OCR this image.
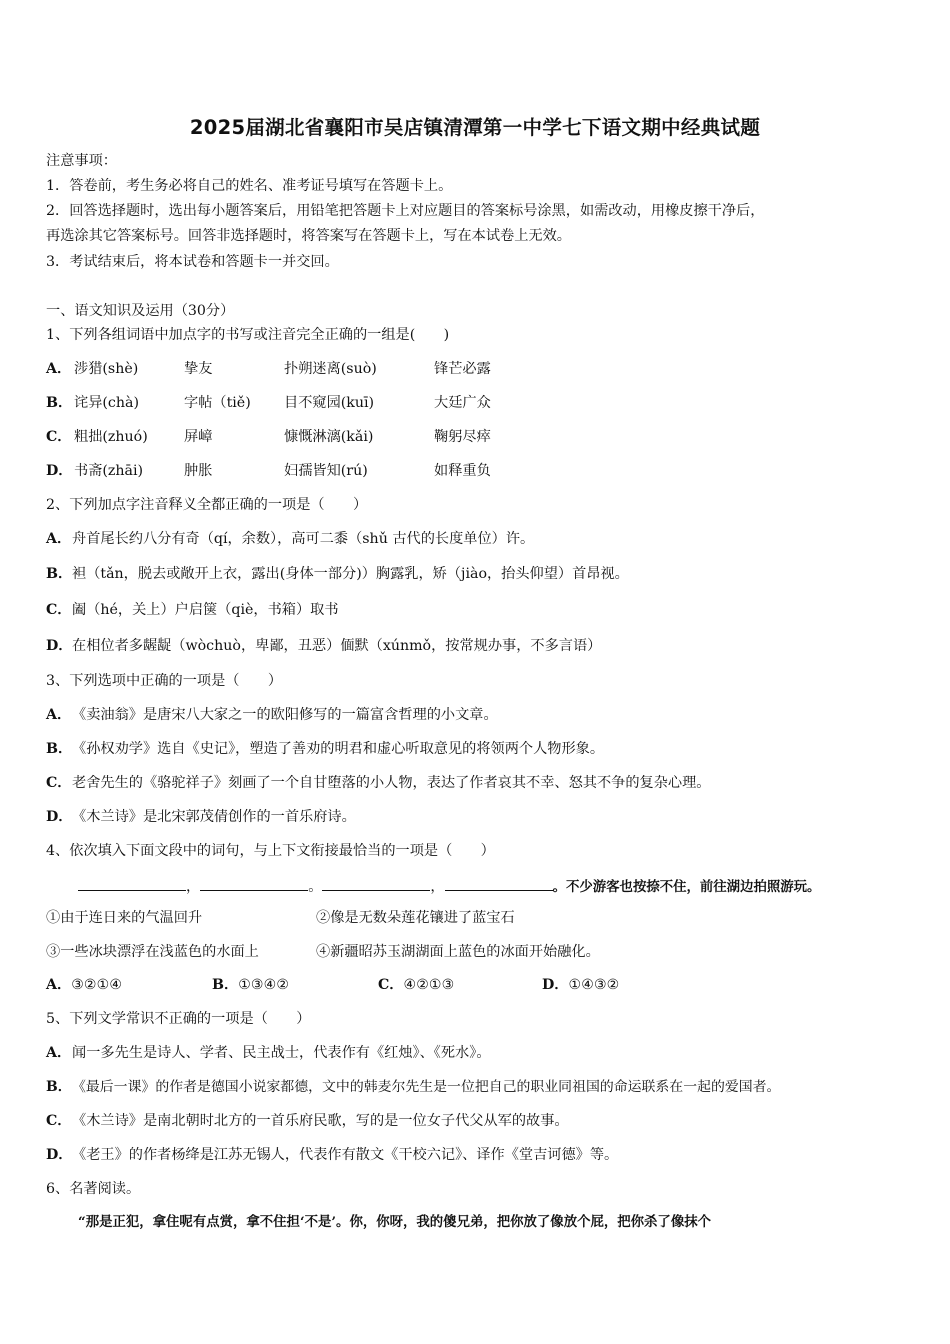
2025届湖北省襄阳市吴店镇清潭第一中学七下语文期中经典试题
注意事项：
1．答卷前，考生务必将自己的姓名、准考证号填写在答题卡上。
2．回答选择题时，选出每小题答案后，用铅笔把答题卡上对应题目的答案标号涂黑，如需改动，用橡皮擦干净后，
再选涂其它答案标号。回答非选择题时，将答案写在答题卡上，写在本试卷上无效。
3．考试结束后，将本试卷和答题卡一并交回。
一、语文知识及运用（30分）
1、下列各组词语中加点字的书写或注音完全正确的一组是(　　)
A． 涉猎(shè)	挚友	扑朔迷离(suò)	锋芒必露
B． 诧异(chà)	字帖（tiě) 目不窥园(kuī)	大廷广众
C． 粗拙(zhuó)	屏嶂	慷慨淋漓(kǎi)	鞠躬尽瘁
D． 书斋(zhāi)	肿胀	妇孺皆知(rú)	如释重负
2、下列加点字注音释义全都正确的一项是（　　）
A．舟首尾长约八分有奇（qí，余数），高可二黍（shǔ 古代的长度单位）许。
B．袒（tǎn，脱去或敞开上衣，露出(身体一部分)）胸露乳，矫（jiào，抬头仰望）首昂视。
C．阖（hé，关上）户启箧（qiè，书箱）取书
D．在相位者多龌龊（wòchuò，卑鄙，丑恶）偭默（xúnmǒ，按常规办事，不多言语）
3、下列选项中正确的一项是（　　）
A．《卖油翁》是唐宋八大家之一的欧阳修写的一篇富含哲理的小文章。
B．《孙权劝学》选自《史记》，塑造了善劝的明君和虚心听取意见的将领两个人物形象。
C．老舍先生的《骆驼祥子》刻画了一个自甘堕落的小人物，表达了作者哀其不幸、怒其不争的复杂心理。
D．《木兰诗》是北宋郭茂倩创作的一首乐府诗。
4、依次填入下面文段中的词句，与上下文衔接最恰当的一项是（　　）
，	。	，	。不少游客也按捺不住，前往湖边拍照游玩。
①由于连日来的气温回升	②像是无数朵莲花镶进了蓝宝石
③一些冰块漂浮在浅蓝色的水面上	④新疆昭苏玉湖湖面上蓝色的冰面开始融化。
A．③②①④	B．①③④②	C．④②①③	D．①④③②
5、下列文学常识不正确的一项是（　　）
A．闻一多先生是诗人、学者、民主战士，代表作有《红烛》、《死水》。
B．《最后一课》的作者是德国小说家都德，文中的韩麦尔先生是一位把自己的职业同祖国的命运联系在一起的爱国者。
C．《木兰诗》是南北朝时北方的一首乐府民歌，写的是一位女子代父从军的故事。
D．《老王》的作者杨绛是江苏无锡人，代表作有散文《干校六记》、译作《堂吉诃德》等。
6、名著阅读。
“那是正犯，拿住呢有点赏，拿不住担‘不是’。你，你呀，我的傻兄弟，把你放了像放个屁，把你杀了像抹个
